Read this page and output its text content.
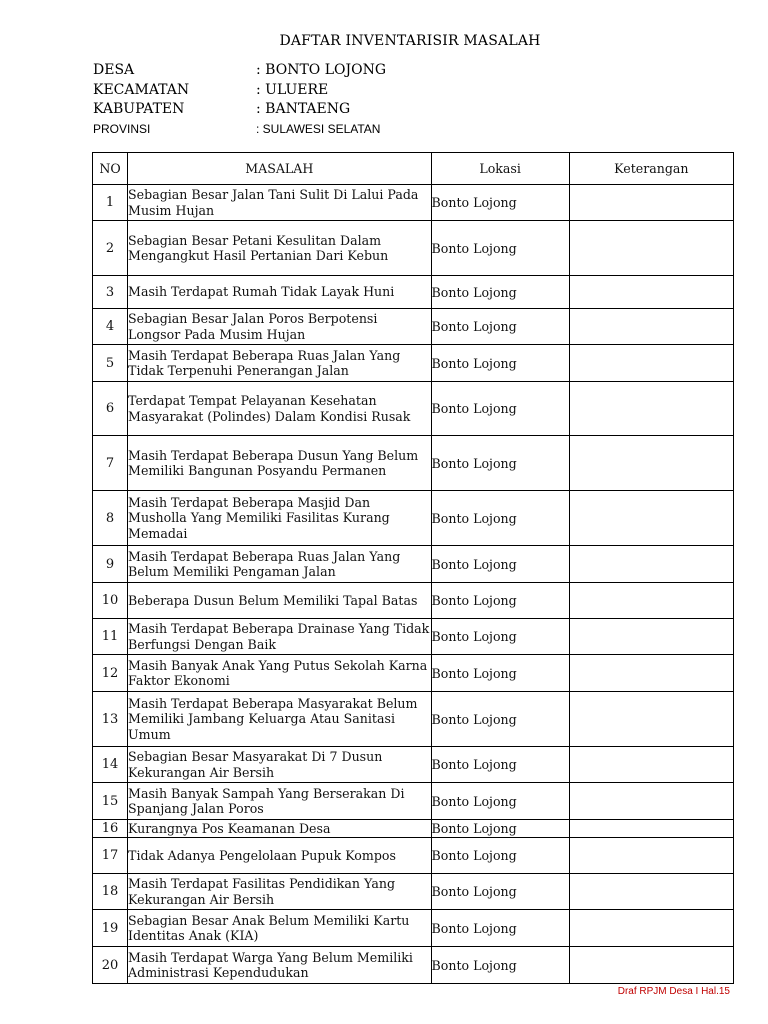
DAFTAR INVENTARISIR MASALAH
DESA	: BONTO LOJONG
KECAMATAN	: ULUERE
KABUPATEN	: BANTAENG
PROVINSI	: SULAWESI SELATAN
NO	MASALAH	Lokasi	Keterangan
1	Sebagian Besar Jalan Tani Sulit Di Lalui Pada Musim Hujan	Bonto Lojong	
2	Sebagian Besar Petani Kesulitan Dalam Mengangkut Hasil Pertanian Dari Kebun	Bonto Lojong	
3	Masih Terdapat Rumah Tidak Layak Huni	Bonto Lojong	
4	Sebagian Besar Jalan Poros Berpotensi Longsor Pada Musim Hujan	Bonto Lojong	
5	Masih Terdapat Beberapa Ruas Jalan Yang Tidak Terpenuhi Penerangan Jalan	Bonto Lojong	
6	Terdapat Tempat Pelayanan Kesehatan Masyarakat (Polindes) Dalam Kondisi Rusak	Bonto Lojong	
7	Masih Terdapat Beberapa Dusun Yang Belum Memiliki Bangunan Posyandu Permanen	Bonto Lojong	
8	Masih Terdapat Beberapa Masjid Dan Musholla Yang Memiliki Fasilitas Kurang Memadai	Bonto Lojong	
9	Masih Terdapat Beberapa Ruas Jalan Yang Belum Memiliki Pengaman Jalan	Bonto Lojong	
10	Beberapa Dusun Belum Memiliki Tapal Batas	Bonto Lojong	
11	Masih Terdapat Beberapa Drainase Yang Tidak Berfungsi Dengan Baik	Bonto Lojong	
12	Masih Banyak Anak Yang Putus Sekolah Karna Faktor Ekonomi	Bonto Lojong	
13	Masih Terdapat Beberapa Masyarakat Belum Memiliki Jambang Keluarga Atau Sanitasi Umum	Bonto Lojong	
14	Sebagian Besar Masyarakat Di 7 Dusun Kekurangan Air Bersih	Bonto Lojong	
15	Masih Banyak Sampah Yang Berserakan Di Spanjang Jalan Poros	Bonto Lojong	
16	Kurangnya Pos Keamanan Desa	Bonto Lojong	
17	Tidak Adanya Pengelolaan Pupuk Kompos	Bonto Lojong	
18	Masih Terdapat Fasilitas Pendidikan Yang Kekurangan Air Bersih	Bonto Lojong	
19	Sebagian Besar Anak Belum Memiliki Kartu Identitas Anak (KIA)	Bonto Lojong	
20	Masih Terdapat Warga Yang Belum Memiliki Administrasi Kependudukan	Bonto Lojong	
Draf RPJM Desa I Hal.15
